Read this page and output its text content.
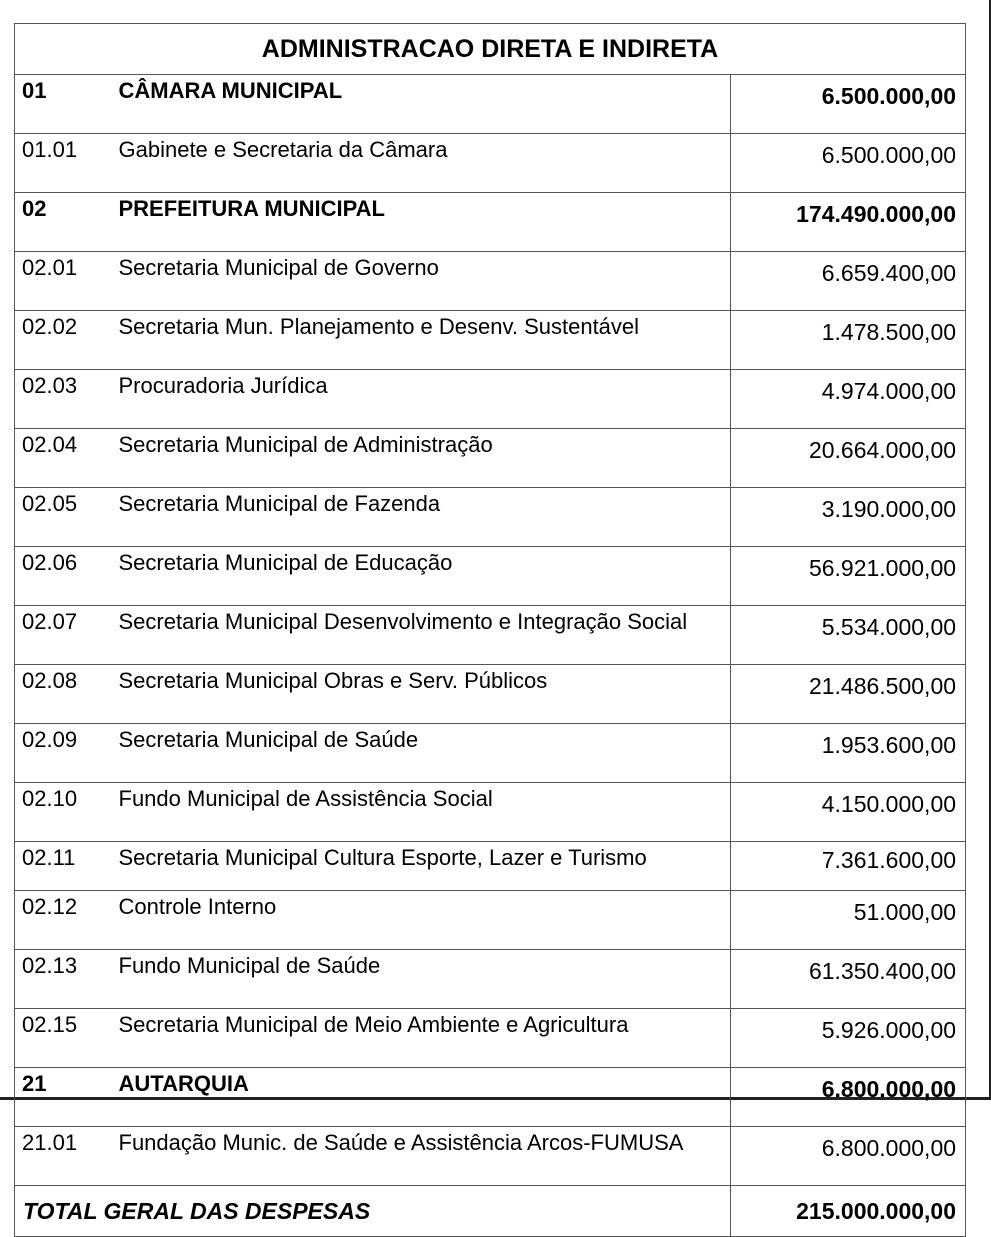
ADMINISTRACAO DIRETA E INDIRETA		
01	CÂMARA MUNICIPAL	6.500.000,00
01.01	Gabinete e Secretaria da Câmara	6.500.000,00
02	PREFEITURA MUNICIPAL	174.490.000,00
02.01	Secretaria Municipal de Governo	6.659.400,00
02.02	Secretaria Mun. Planejamento e Desenv. Sustentável	1.478.500,00
02.03	Procuradoria Jurídica	4.974.000,00
02.04	Secretaria Municipal de Administração	20.664.000,00
02.05	Secretaria Municipal de Fazenda	3.190.000,00
02.06	Secretaria Municipal de Educação	56.921.000,00
02.07	Secretaria Municipal Desenvolvimento e Integração Social	5.534.000,00
02.08	Secretaria Municipal Obras e Serv. Públicos	21.486.500,00
02.09	Secretaria Municipal de Saúde	1.953.600,00
02.10	Fundo Municipal de Assistência Social	4.150.000,00
02.11	Secretaria Municipal Cultura Esporte, Lazer e Turismo	7.361.600,00
02.12	Controle Interno	51.000,00
02.13	Fundo Municipal de Saúde	61.350.400,00
02.15	Secretaria Municipal de Meio Ambiente e Agricultura	5.926.000,00
21	AUTARQUIA	6.800.000,00
21.01	Fundação Munic. de Saúde e Assistência Arcos-FUMUSA	6.800.000,00
TOTAL GERAL DAS DESPESAS		215.000.000,00
